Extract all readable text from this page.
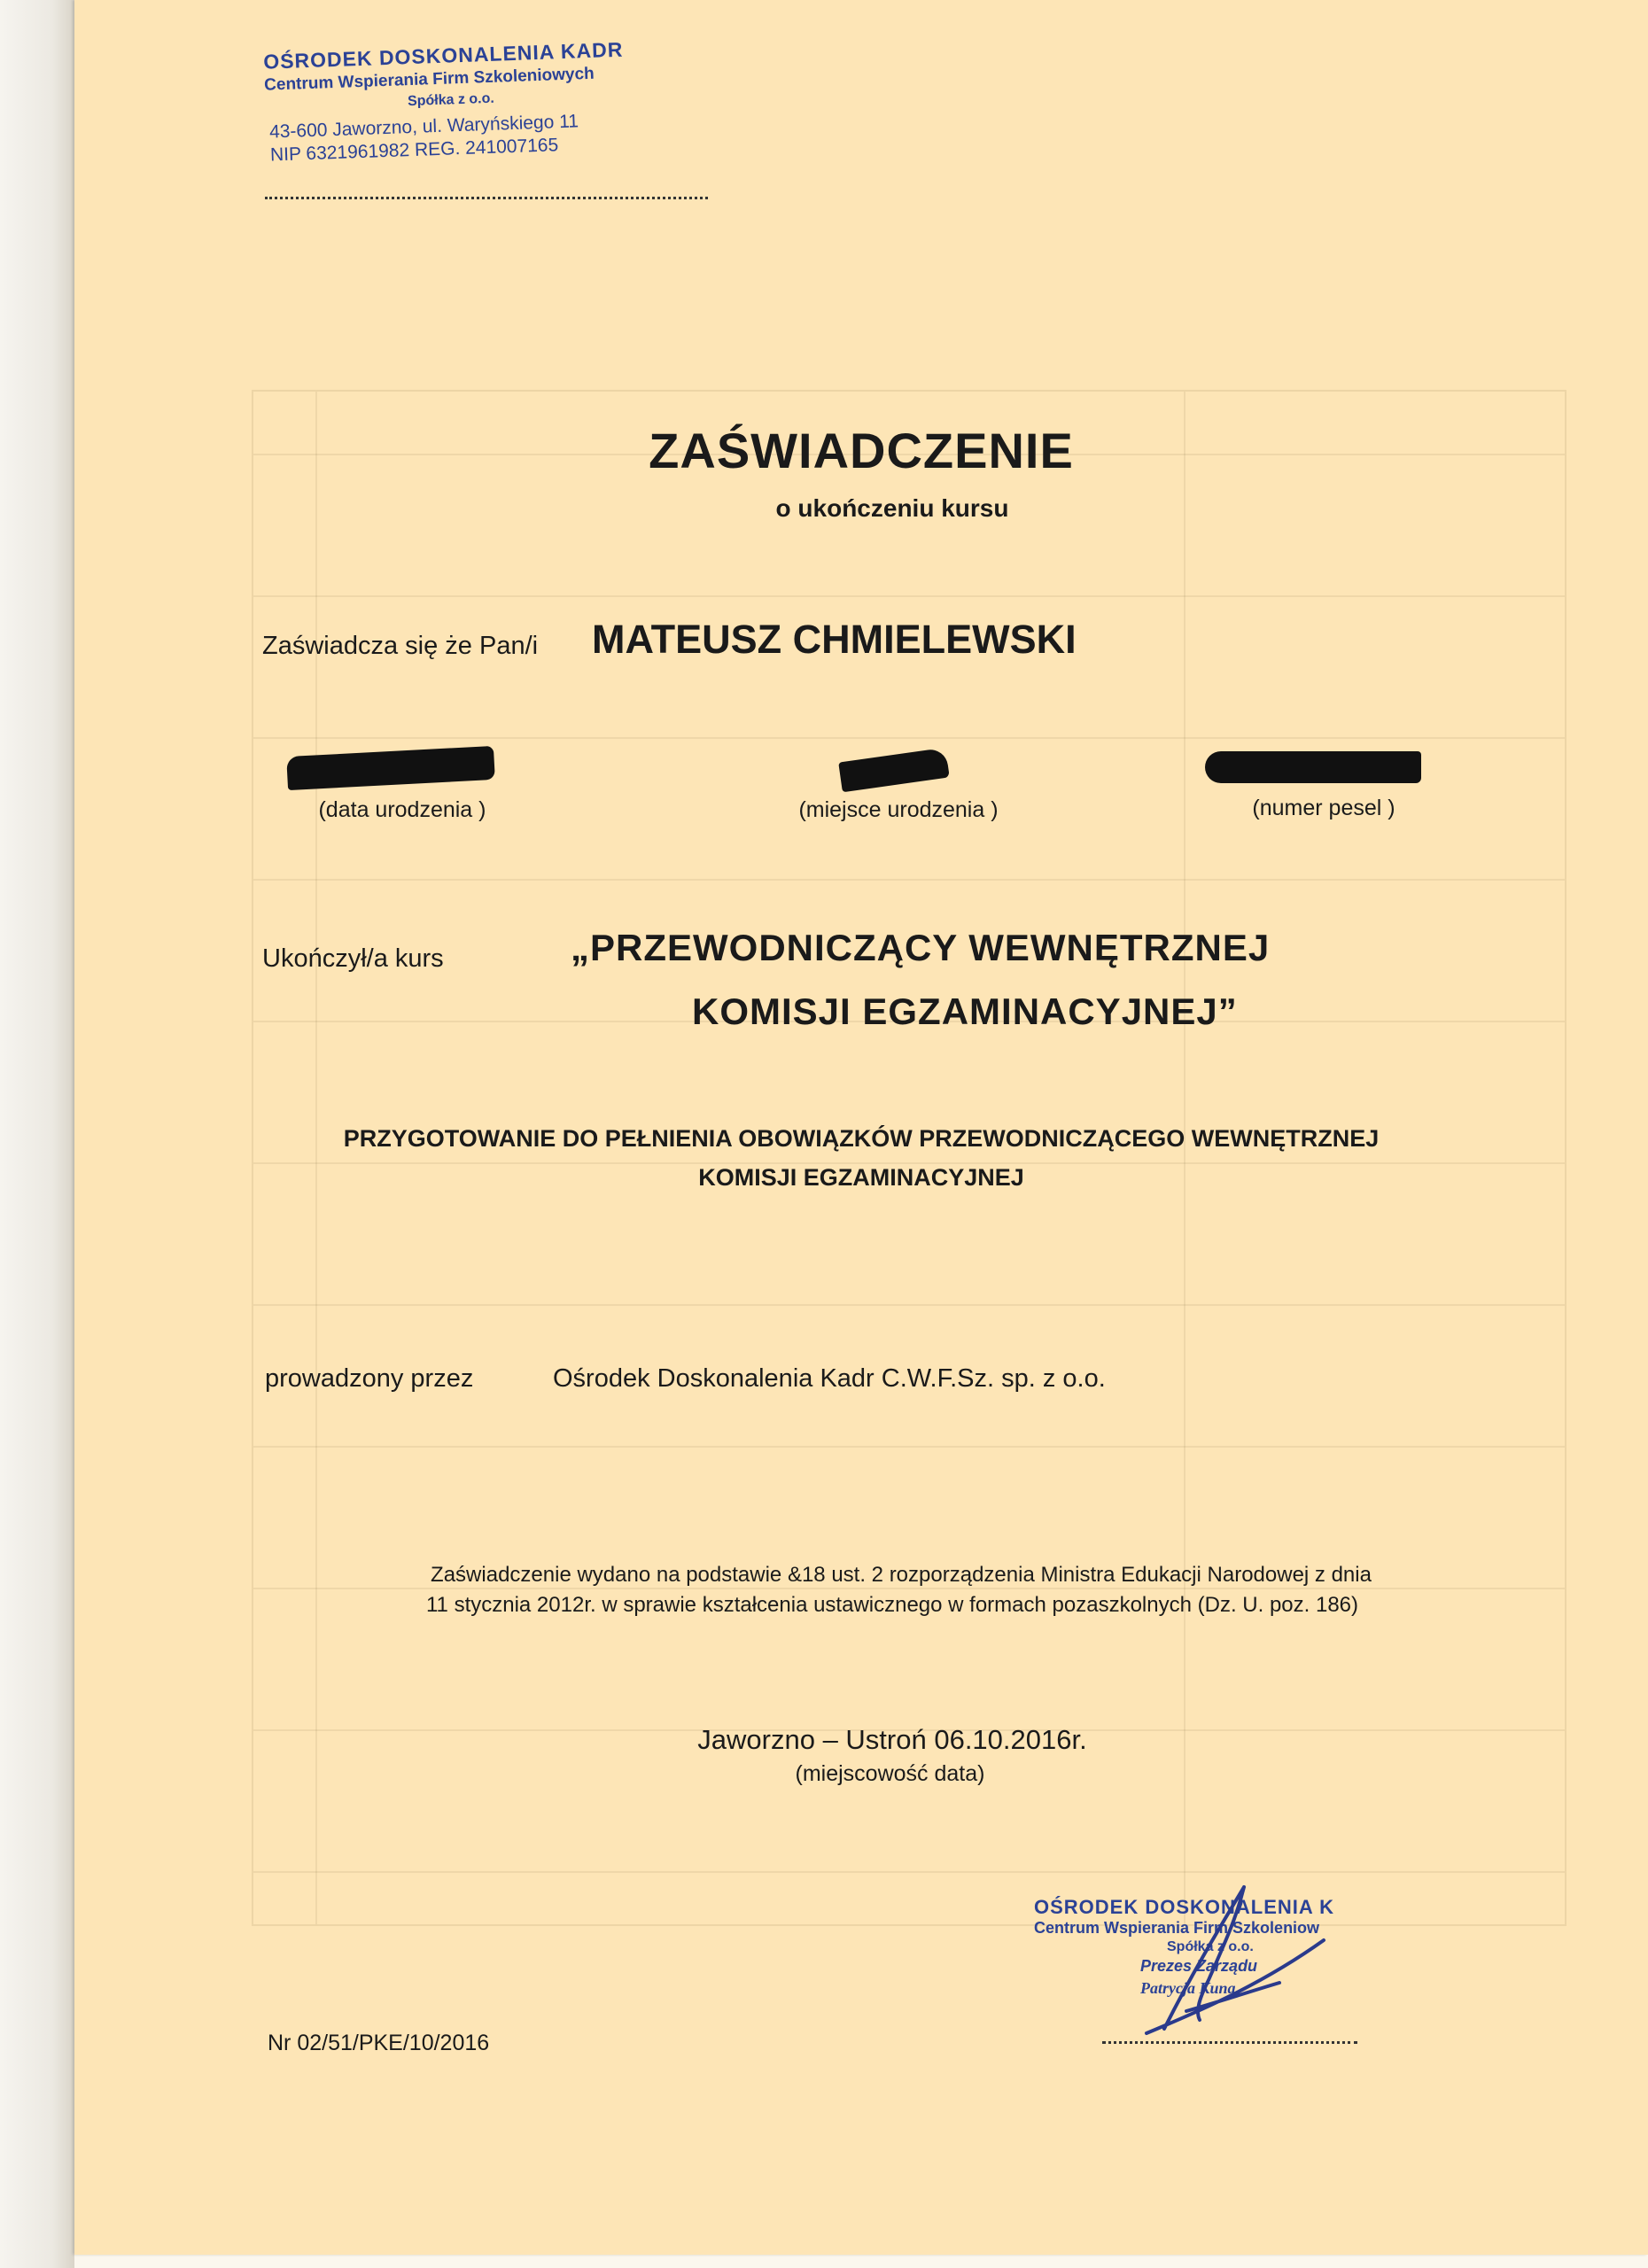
OŚRODEK DOSKONALENIA KADR
Centrum Wspierania Firm Szkoleniowych
Spółka z o.o.
43-600 Jaworzno, ul. Waryńskiego 11
NIP 6321961982 REG. 241007165
ZAŚWIADCZENIE
o ukończeniu kursu
Zaświadcza się że Pan/i MATEUSZ CHMIELEWSKI
(data urodzenia )	(miejsce urodzenia )	(numer pesel )
Ukończył/a kurs	„PRZEWODNICZĄCY WEWNĘTRZNEJ
KOMISJI EGZAMINACYJNEJ”
PRZYGOTOWANIE DO PEŁNIENIA OBOWIĄZKÓW PRZEWODNICZĄCEGO WEWNĘTRZNEJ
KOMISJI EGZAMINACYJNEJ
prowadzony przez	Ośrodek Doskonalenia Kadr C.W.F.Sz. sp. z o.o.
Zaświadczenie wydano na podstawie &18 ust. 2 rozporządzenia Ministra Edukacji Narodowej z dnia
11 stycznia 2012r. w sprawie kształcenia ustawicznego w formach pozaszkolnych (Dz. U. poz. 186)
Jaworzno – Ustroń 06.10.2016r.
(miejscowość data)
OŚRODEK DOSKONALENIA K
Centrum Wspierania Firm Szkoleniow
Spółka z o.o.
Prezes Zarządu
Patrycja Kuna
Nr 02/51/PKE/10/2016
